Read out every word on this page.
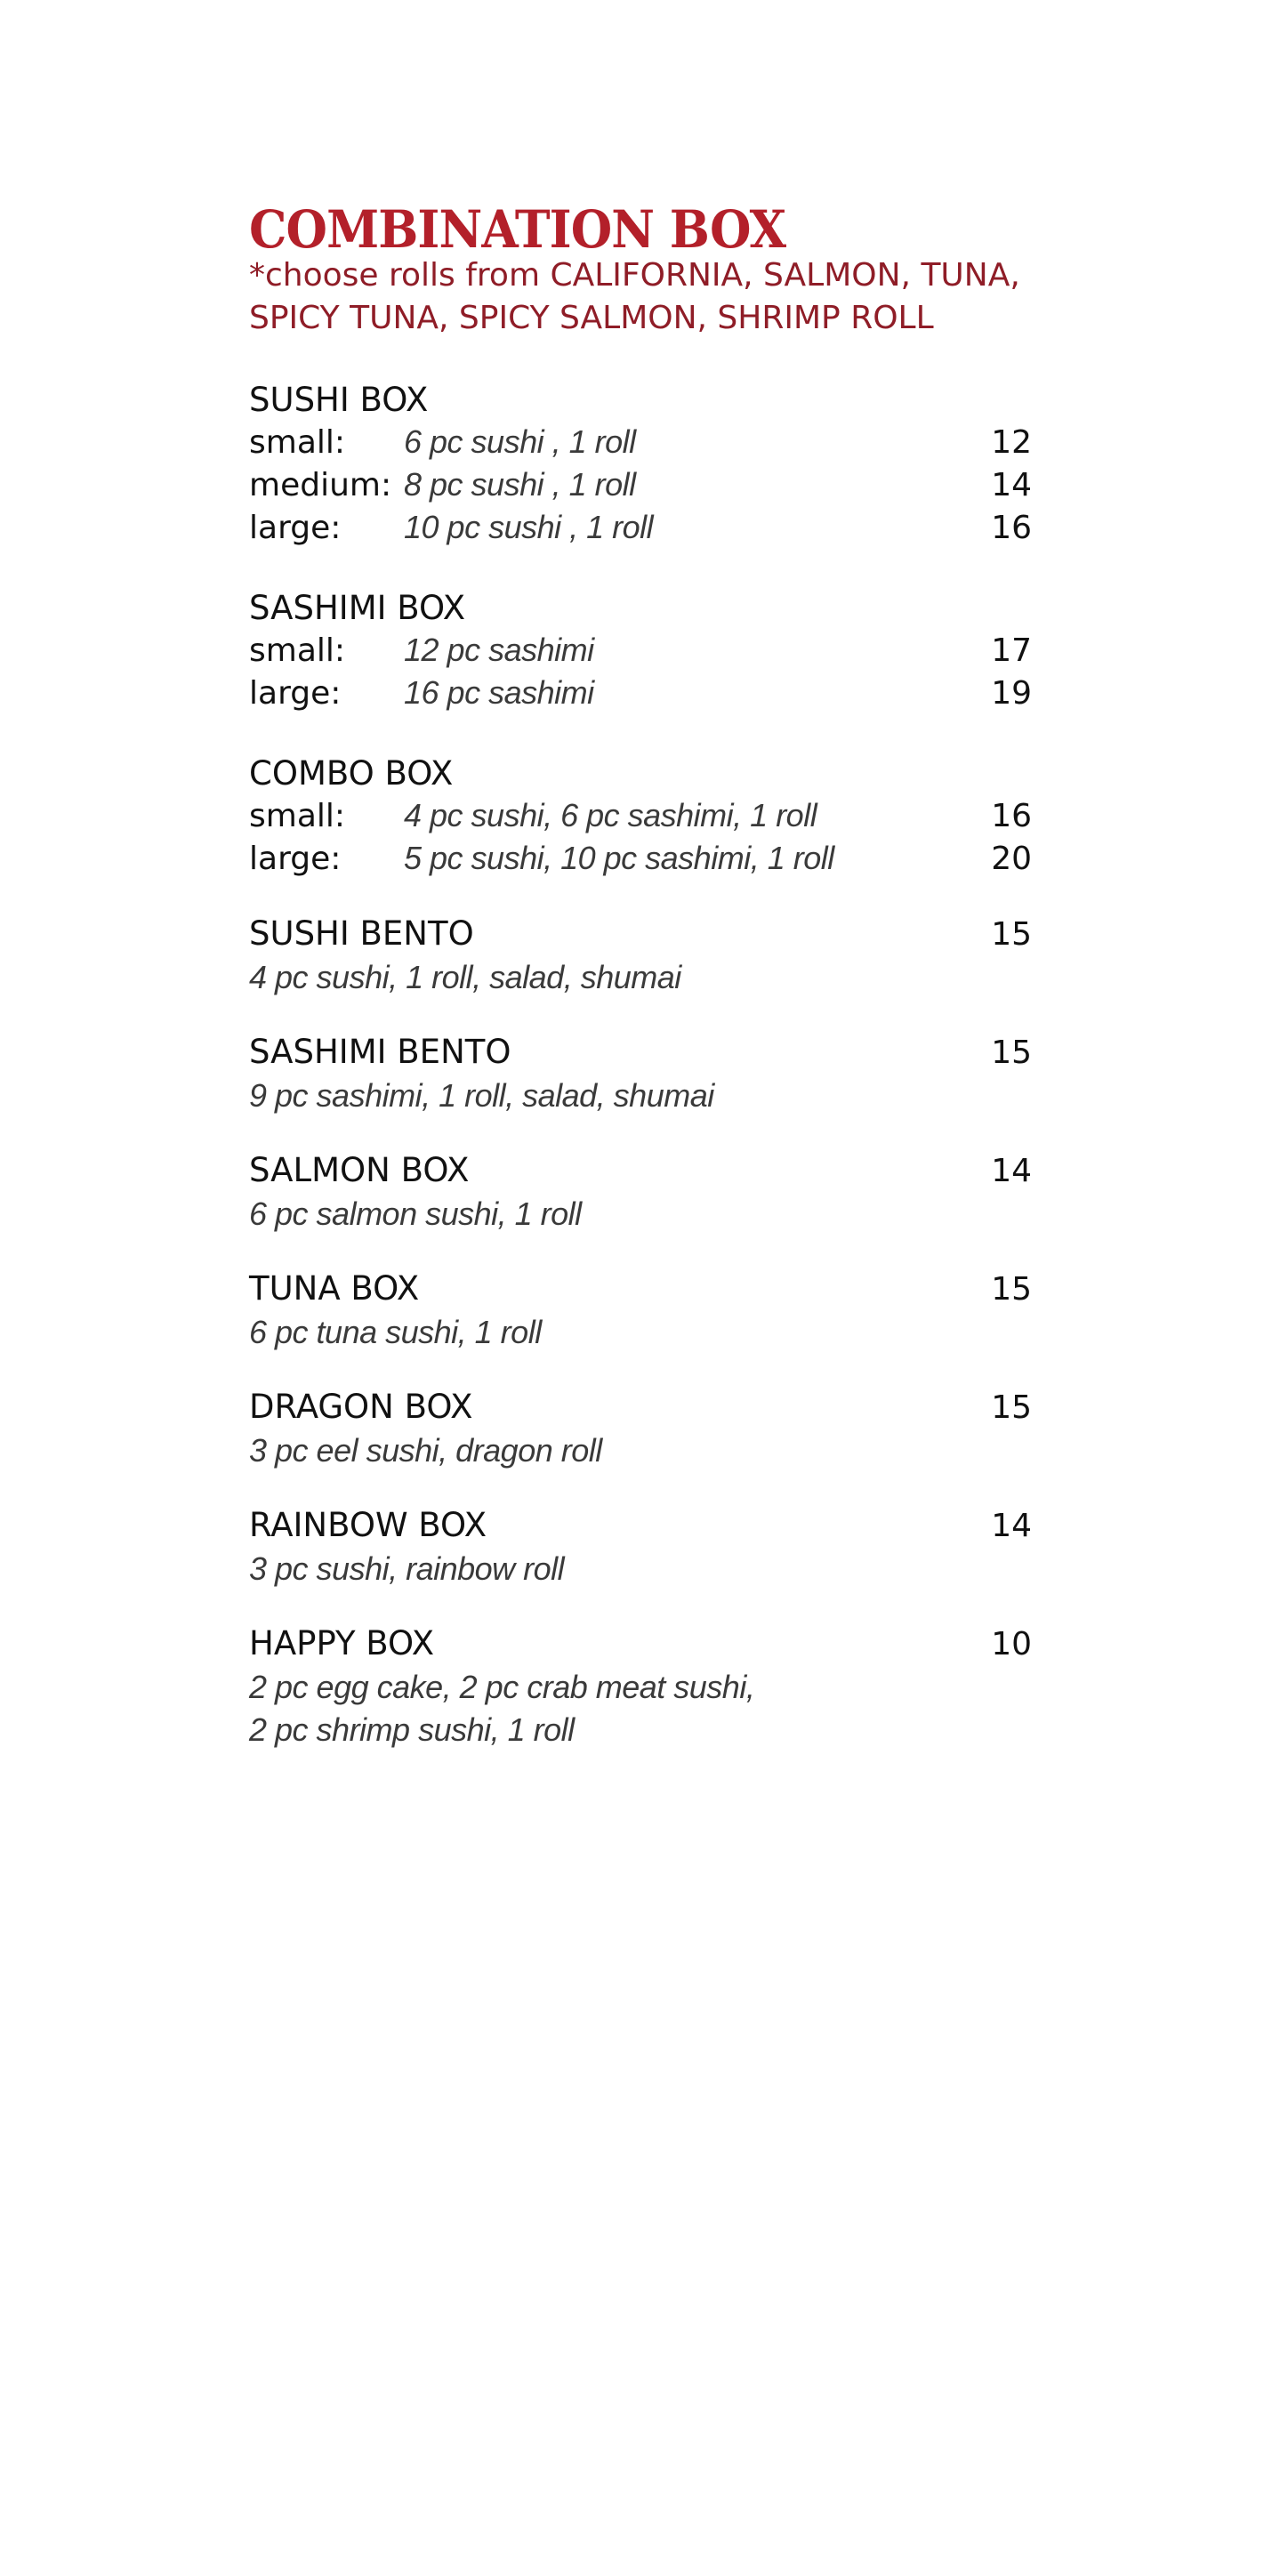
COMBINATION BOX

*choose rolls from CALIFORNIA, SALMON, TUNA,
SPICY TUNA, SPICY SALMON, SHRIMP ROLL

SUSHI BOX
small:	6 pc sushi , 1 roll	12
medium: 8 pc sushi , 1 roll	14
large:	10 pc sushi , 1 roll	16
SASHIMI BOX
small:	12 pc sashimi	17
large:	16 pc sashimi	19
COMBO BOX
small:	4 pc sushi, 6 pc sashimi, 1 roll	16
large:	5 pc sushi, 10 pc sashimi, 1 roll	20
SUSHI BENTO	15
4 pc sushi, 1 roll, salad, shumai
SASHIMI BENTO	15
9 pc sashimi, 1 roll, salad, shumai
SALMON BOX	14
6 pc salmon sushi, 1 roll
TUNA BOX	15
6 pc tuna sushi, 1 roll
DRAGON BOX	15
3 pc eel sushi, dragon roll
RAINBOW BOX	14
3 pc sushi, rainbow roll
HAPPY BOX	10
2 pc egg cake, 2 pc crab meat sushi,
2 pc shrimp sushi, 1 roll
